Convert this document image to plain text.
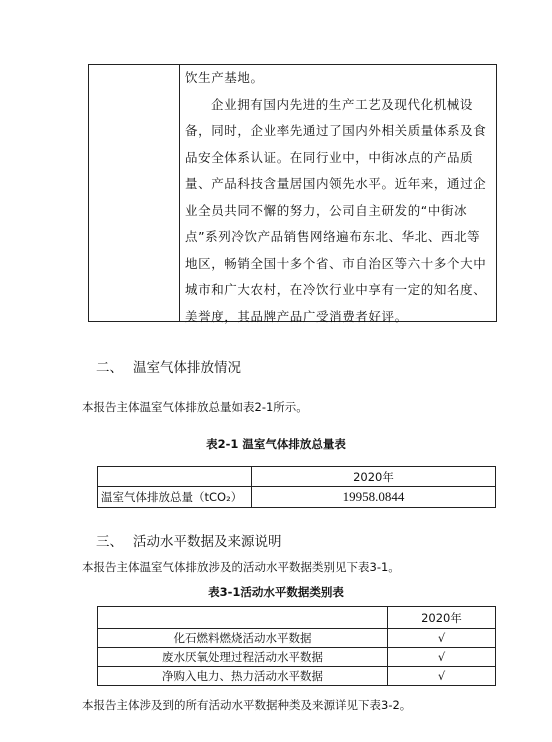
饮生产基地。

企业拥有国内先进的生产工艺及现代化机械设

备，同时，企业率先通过了国内外相关质量体系及食

品安全体系认证。在同行业中，中街冰点的产品质

量、产品科技含量居国内领先水平。近年来，通过企

业全员共同不懈的努力，公司自主研发的“中街冰

点”系列冷饮产品销售网络遍布东北、华北、西北等

地区，畅销全国十多个省、市自治区等六十多个大中

城市和广大农村，在冷饮行业中享有一定的知名度、

美誉度，其品牌产品广受消费者好评。

二、 温室气体排放情况
本报告主体温室气体排放总量如表2-1所示。
表2-1 温室气体排放总量表
	2020年
温室气体排放总量（tCO₂）	19958.0844
三、 活动水平数据及来源说明
本报告主体温室气体排放涉及的活动水平数据类别见下表3-1。
表3-1活动水平数据类别表
	2020年
化石燃料燃烧活动水平数据	√
废水厌氧处理过程活动水平数据	√
净购入电力、热力活动水平数据	√
本报告主体涉及到的所有活动水平数据种类及来源详见下表3-2。
